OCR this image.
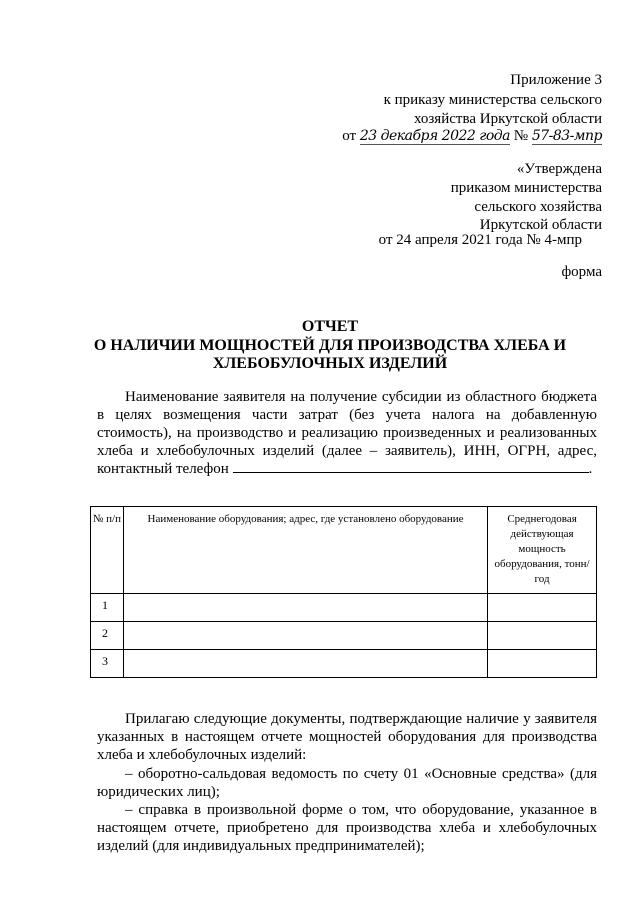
Приложение 3
к приказу министерства сельского
хозяйства Иркутской области
от 23 декабря 2022 года № 57-83-мпр
«Утверждена
приказом министерства
сельского хозяйства
Иркутской области
от 24 апреля 2021 года № 4-мпр
форма
ОТЧЕТ
О НАЛИЧИИ МОЩНОСТЕЙ ДЛЯ ПРОИЗВОДСТВА ХЛЕБА И
ХЛЕБОБУЛОЧНЫХ ИЗДЕЛИЙ
Наименование заявителя на получение субсидии из областного бюджета в целях возмещения части затрат (без учета налога на добавленную стоимость), на производство и реализацию произведенных и реализованных хлеба и хлебобулочных изделий (далее – заявитель), ИНН, ОГРН, адрес, контактный телефон	.
№ п/п	Наименование оборудования; адрес, где установлено оборудование	Среднегодовая действующая мощность оборудования, тонн/год
1		
2		
3		
Прилагаю следующие документы, подтверждающие наличие у заявителя указанных в настоящем отчете мощностей оборудования для производства хлеба и хлебобулочных изделий:
– оборотно-сальдовая ведомость по счету 01 «Основные средства» (для юридических лиц);
– справка в произвольной форме о том, что оборудование, указанное в настоящем отчете, приобретено для производства хлеба и хлебобулочных изделий (для индивидуальных предпринимателей);
